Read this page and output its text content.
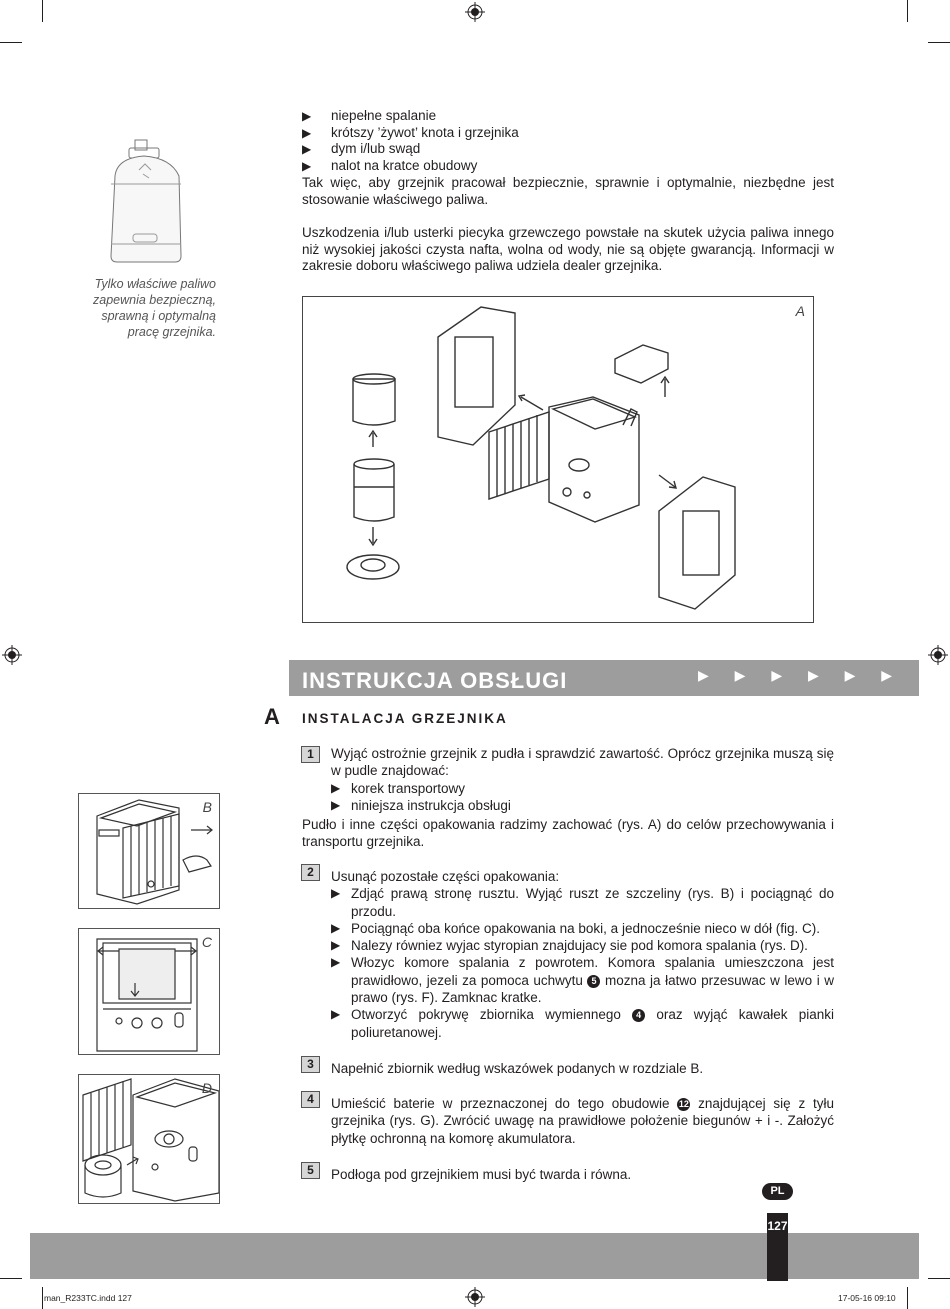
▶	niepełne spalanie
▶	krótszy ’żywot’ knota i grzejnika
▶	dym i/lub swąd
▶	nalot na kratce obudowy
Tak więc, aby grzejnik pracował bezpiecznie, sprawnie i optymalnie, niezbędne jest stosowanie właściwego paliwa.
Uszkodzenia i/lub usterki piecyka grzewczego powstałe na skutek użycia paliwa innego niż wysokiej jakości czysta nafta, wolna od wody, nie są objęte gwarancją. Informacji w zakresie doboru właściwego paliwa udziela dealer grzejnika.
Tylko właściwe paliwo zapewnia bezpieczną, sprawną i optymalną pracę grzejnika.
A
INSTRUKCJA OBSŁUGI	▶ ▶ ▶ ▶ ▶ ▶
A INSTALACJA GRZEJNIKA
1	Wyjąć ostrożnie grzejnik z pudła i sprawdzić zawartość. Oprócz grzejnika muszą się w pudle znajdować:
▶ korek transportowy
▶ niniejsza instrukcja obsługi
Pudło i inne części opakowania radzimy zachować (rys. A) do celów przechowywania i transportu grzejnika.
2	Usunąć pozostałe części opakowania:
▶ Zdjąć prawą stronę rusztu. Wyjąć ruszt ze szczeliny (rys. B) i pociągnąć do przodu.
▶ Pociągnąć oba końce opakowania na boki, a jednocześnie nieco w dół (fig. C).
▶ Nalezy równiez wyjac styropian znajdujacy sie pod komora spalania (rys. D).
▶ Włozyc komore spalania z powrotem. Komora spalania umieszczona jest prawidłowo, jezeli za pomoca uchwytu 5 mozna ja łatwo przesuwac w lewo i w prawo (rys. F). Zamknac kratke.
▶ Otworzyć pokrywę zbiornika wymiennego 4 oraz wyjąć kawałek pianki poliuretanowej.
3	Napełnić zbiornik według wskazówek podanych w rozdziale B.
4	Umieścić baterie w przeznaczonej do tego obudowie 12 znajdującej się z tyłu grzejnika (rys. G). Zwrócić uwagę na prawidłowe położenie biegunów + i -. Założyć płytkę ochronną na komorę akumulatora.
5	Podłoga pod grzejnikiem musi być twarda i równa.
B
C
D
PL
127
man_R233TC.indd 127	17-05-16 09:10
